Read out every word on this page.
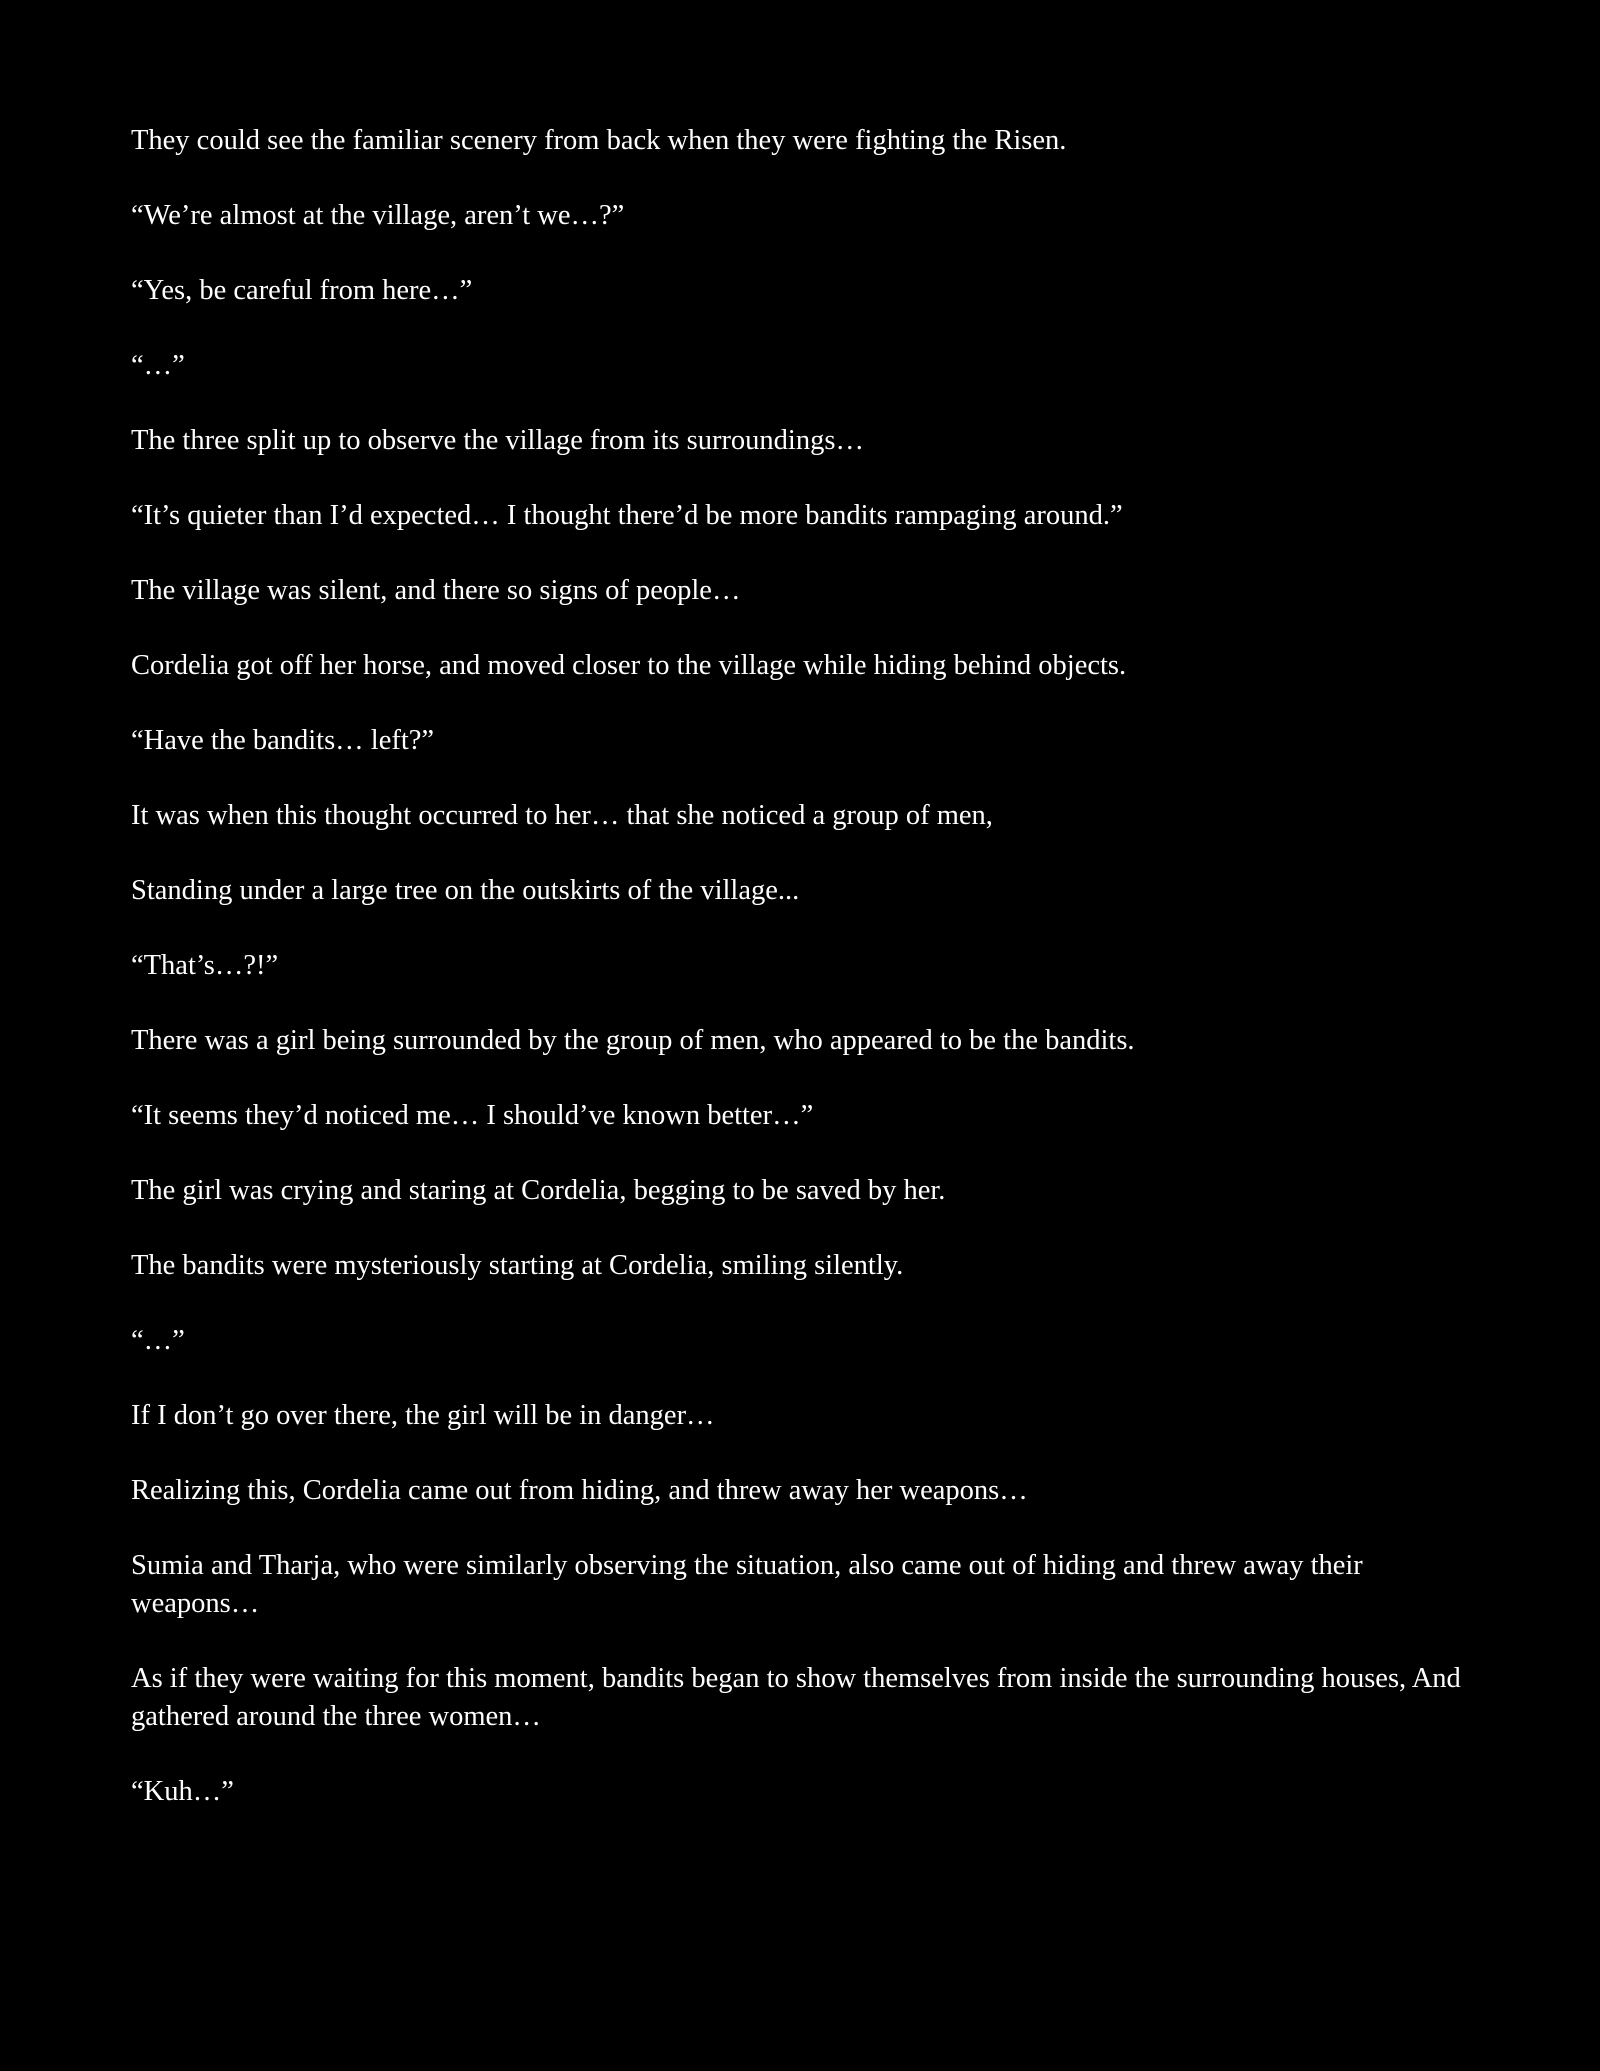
They could see the familiar scenery from back when they were fighting the Risen.

“We’re almost at the village, aren’t we…?”

“Yes, be careful from here…”

“…”

The three split up to observe the village from its surroundings…

“It’s quieter than I’d expected… I thought there’d be more bandits rampaging around.”

The village was silent, and there so signs of people…

Cordelia got off her horse, and moved closer to the village while hiding behind objects.

“Have the bandits… left?”

It was when this thought occurred to her… that she noticed a group of men,

Standing under a large tree on the outskirts of the village...

“That’s…?!”

There was a girl being surrounded by the group of men, who appeared to be the bandits.

“It seems they’d noticed me… I should’ve known better…”

The girl was crying and staring at Cordelia, begging to be saved by her.

The bandits were mysteriously starting at Cordelia, smiling silently.

“…”

If I don’t go over there, the girl will be in danger…

Realizing this, Cordelia came out from hiding, and threw away her weapons…

Sumia and Tharja, who were similarly observing the situation, also came out of hiding and threw away their weapons…

As if they were waiting for this moment, bandits began to show themselves from inside the surrounding houses, And gathered around the three women…

“Kuh…”
